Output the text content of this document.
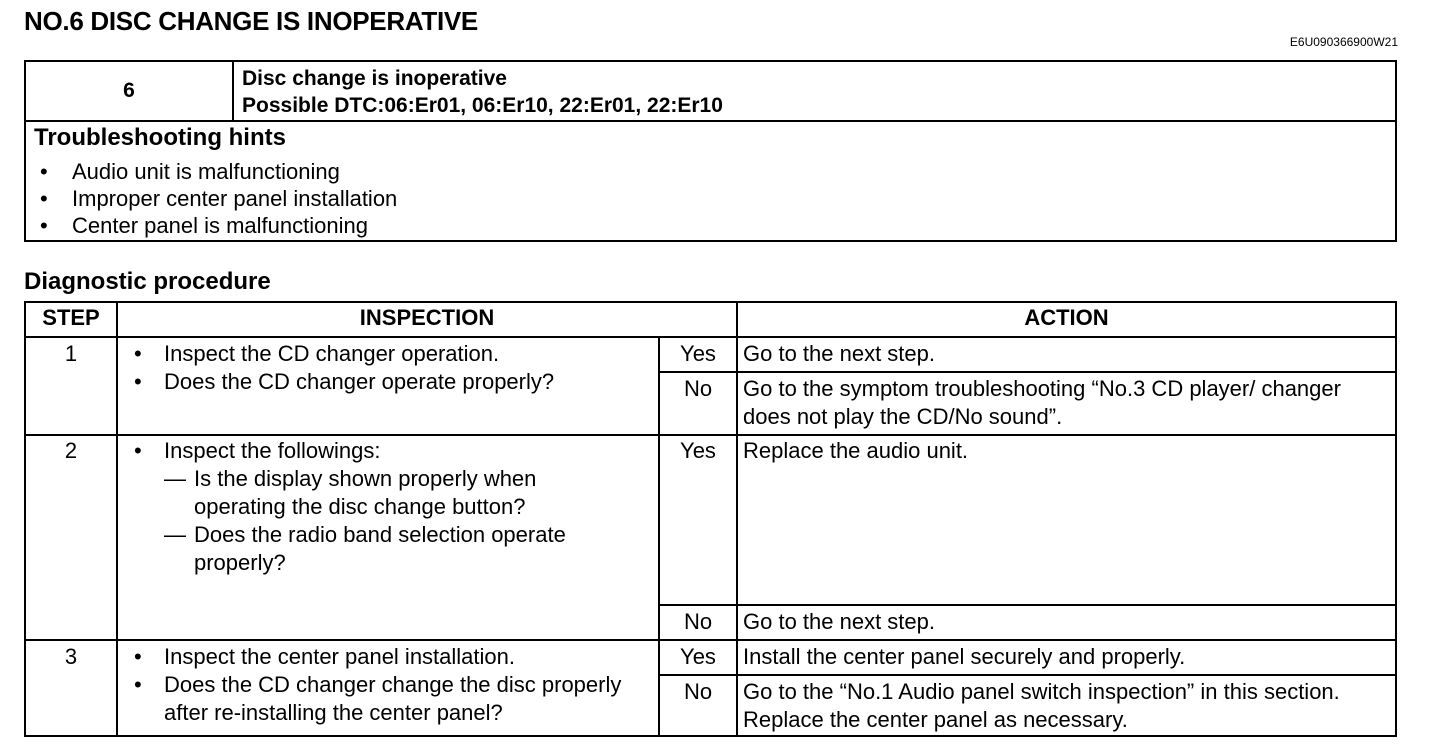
NO.6 DISC CHANGE IS INOPERATIVE
E6U090366900W21
6
Disc change is inoperative
Possible DTC:06:Er01, 06:Er10, 22:Er01, 22:Er10
Troubleshooting hints
• Audio unit is malfunctioning
• Improper center panel installation
• Center panel is malfunctioning
Diagnostic procedure
STEP	INSPECTION	ACTION
1	• Inspect the CD changer operation.
• Does the CD changer operate properly?
Yes	Go to the next step.
No	Go to the symptom troubleshooting “No.3 CD player/ changer does not play the CD/No sound”.
2	• Inspect the followings:
— Is the display shown properly when operating the disc change button?
— Does the radio band selection operate properly?
Yes	Replace the audio unit.
No	Go to the next step.
3	• Inspect the center panel installation.
• Does the CD changer change the disc properly after re-installing the center panel?
Yes	Install the center panel securely and properly.
No	Go to the “No.1 Audio panel switch inspection” in this section. Replace the center panel as necessary.
